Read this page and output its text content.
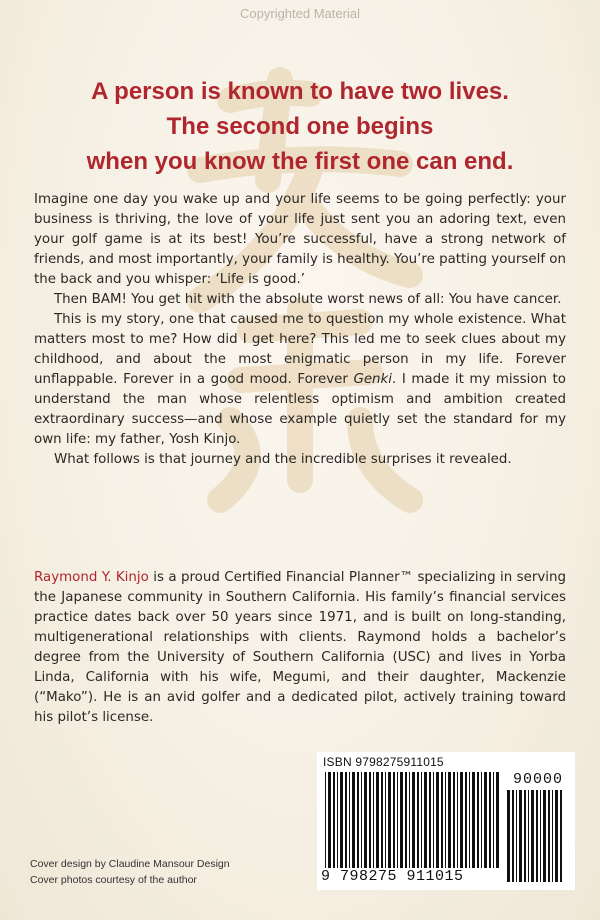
Copyrighted Material
A person is known to have two lives.
The second one begins
when you know the first one can end.

Imagine one day you wake up and your life seems to be going perfectly: your business is thriving, the love of your life just sent you an adoring text, even your golf game is at its best! You’re successful, have a strong network of friends, and most importantly, your family is healthy. You’re patting yourself on the back and you whisper: ‘Life is good.’

Then BAM! You get hit with the absolute worst news of all: You have cancer.

This is my story, one that caused me to question my whole existence. What matters most to me? How did I get here? This led me to seek clues about my childhood, and about the most enigmatic person in my life. Forever unflappable. Forever in a good mood. Forever Genki. I made it my mission to understand the man whose relentless optimism and ambition created extraordinary success—and whose example quietly set the standard for my own life: my father, Yosh Kinjo.

What follows is that journey and the incredible surprises it revealed.

Raymond Y. Kinjo is a proud Certified Financial Planner™ specializing in serving the Japanese community in Southern California. His family’s financial services practice dates back over 50 years since 1971, and is built on long-standing, multigenerational relationships with clients. Raymond holds a bachelor’s degree from the University of Southern California (USC) and lives in Yorba Linda, California with his wife, Megumi, and their daughter, Mackenzie (“Mako”). He is an avid golfer and a dedicated pilot, actively training toward his pilot’s license.
ISBN 9798275911015
90000
9 798275 911015
Cover design by Claudine Mansour Design
Cover photos courtesy of the author
